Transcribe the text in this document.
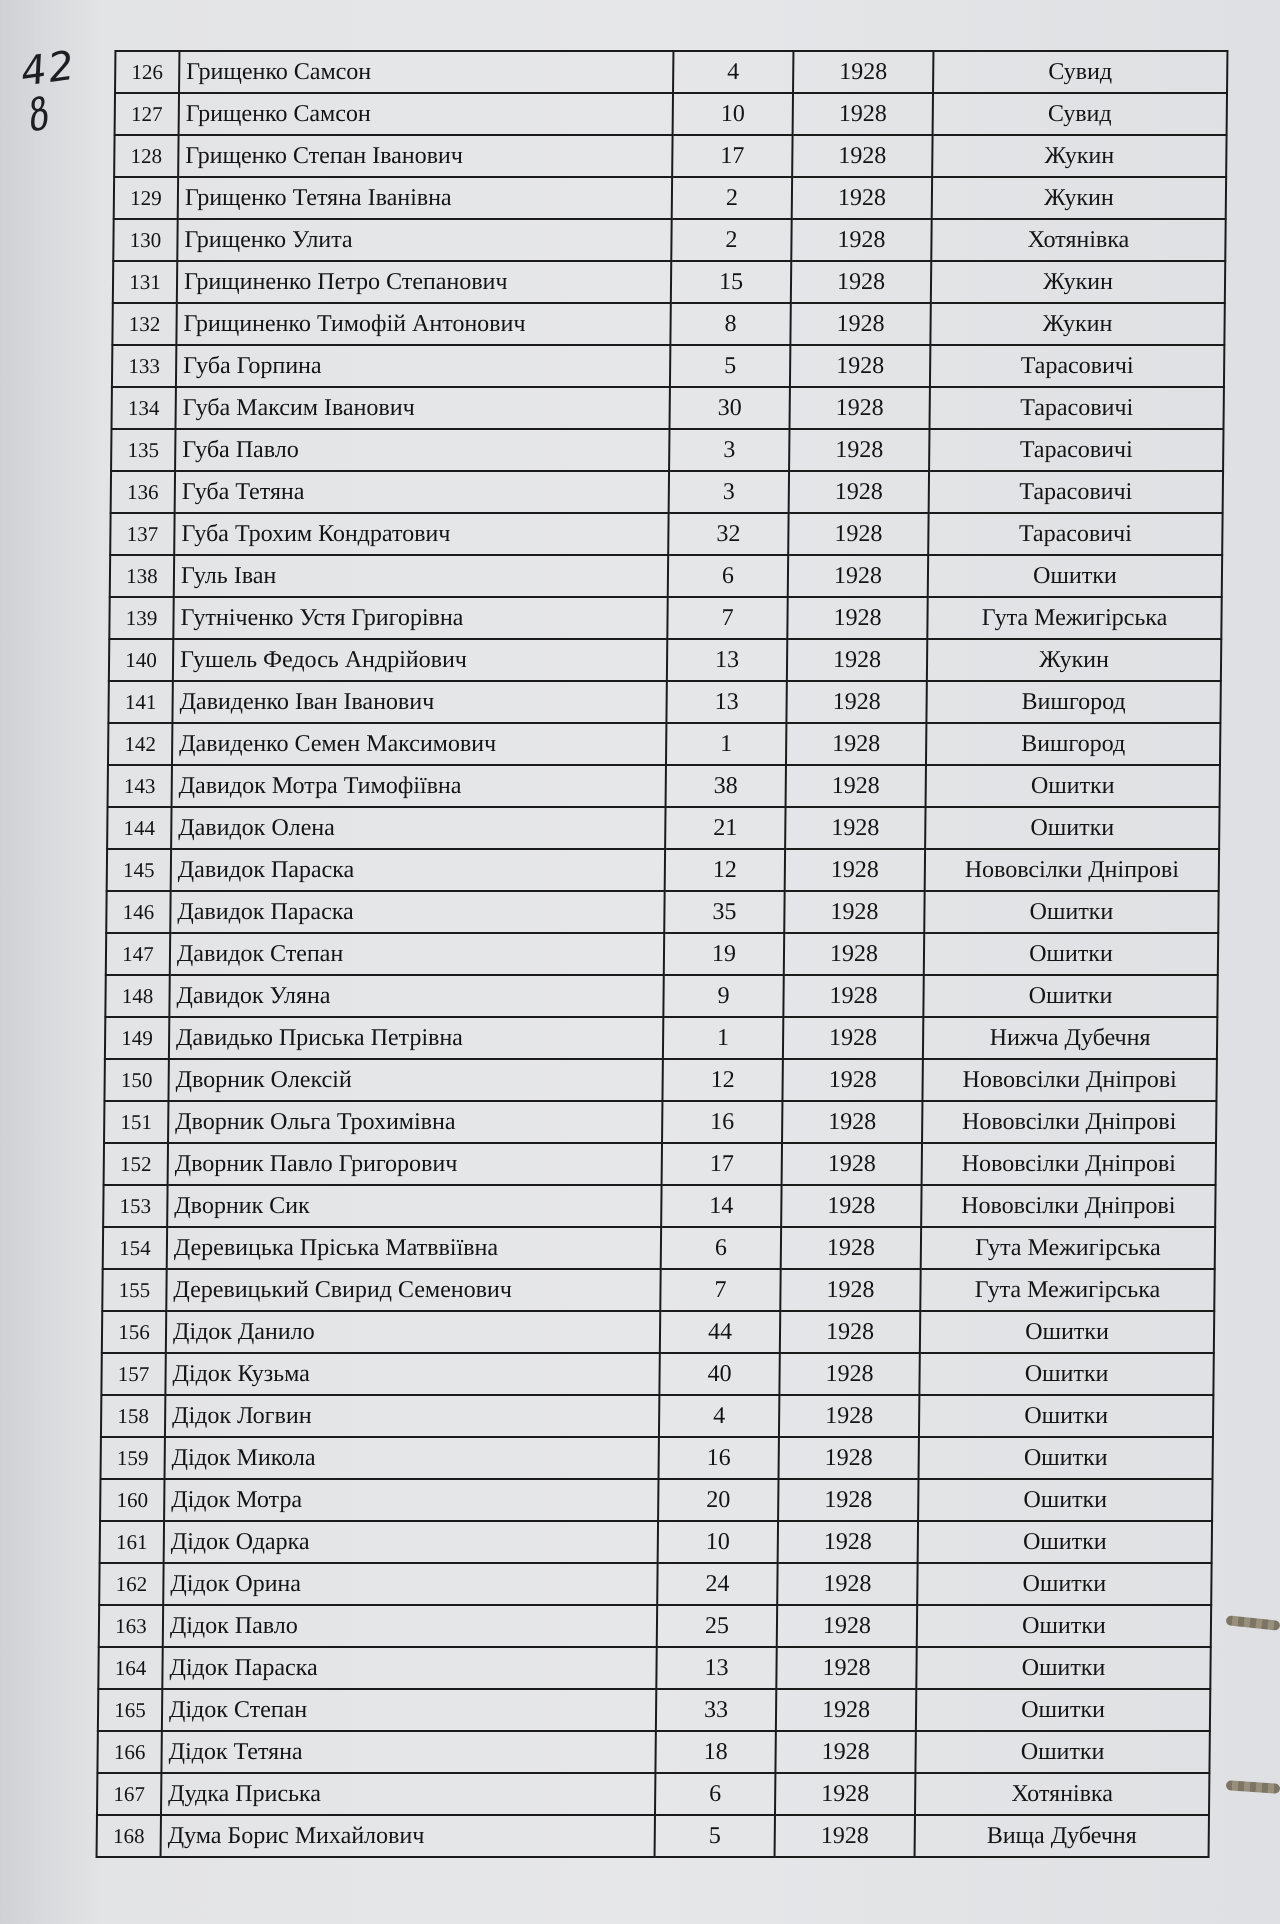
42 ზ
126	Грищенко Самсон	4	1928	Сувид
127	Грищенко Самсон	10	1928	Сувид
128	Грищенко Степан Іванович	17	1928	Жукин
129	Грищенко Тетяна Іванівна	2	1928	Жукин
130	Грищенко Улита	2	1928	Хотянівка
131	Грищиненко Петро Степанович	15	1928	Жукин
132	Грищиненко Тимофій Антонович	8	1928	Жукин
133	Губа Горпина	5	1928	Тарасовичі
134	Губа Максим Іванович	30	1928	Тарасовичі
135	Губа Павло	3	1928	Тарасовичі
136	Губа Тетяна	3	1928	Тарасовичі
137	Губа Трохим Кондратович	32	1928	Тарасовичі
138	Гуль Іван	6	1928	Ошитки
139	Гутніченко Устя Григорівна	7	1928	Гута Межигірська
140	Гушель Федось Андрійович	13	1928	Жукин
141	Давиденко Іван Іванович	13	1928	Вишгород
142	Давиденко Семен Максимович	1	1928	Вишгород
143	Давидок Мотра Тимофіївна	38	1928	Ошитки
144	Давидок Олена	21	1928	Ошитки
145	Давидок Параска	12	1928	Нововсілки Дніпрові
146	Давидок Параска	35	1928	Ошитки
147	Давидок Степан	19	1928	Ошитки
148	Давидок Уляна	9	1928	Ошитки
149	Давидько Приська Петрівна	1	1928	Нижча Дубечня
150	Дворник Олексій	12	1928	Нововсілки Дніпрові
151	Дворник Ольга Трохимівна	16	1928	Нововсілки Дніпрові
152	Дворник Павло Григорович	17	1928	Нововсілки Дніпрові
153	Дворник Сик	14	1928	Нововсілки Дніпрові
154	Деревицька Пріська Матввіївна	6	1928	Гута Межигірська
155	Деревицький Свирид Семенович	7	1928	Гута Межигірська
156	Дідок Данило	44	1928	Ошитки
157	Дідок Кузьма	40	1928	Ошитки
158	Дідок Логвин	4	1928	Ошитки
159	Дідок Микола	16	1928	Ошитки
160	Дідок Мотра	20	1928	Ошитки
161	Дідок Одарка	10	1928	Ошитки
162	Дідок Орина	24	1928	Ошитки
163	Дідок Павло	25	1928	Ошитки
164	Дідок Параска	13	1928	Ошитки
165	Дідок Степан	33	1928	Ошитки
166	Дідок Тетяна	18	1928	Ошитки
167	Дудка Приська	6	1928	Хотянівка
168	Дума Борис Михайлович	5	1928	Вища Дубечня
